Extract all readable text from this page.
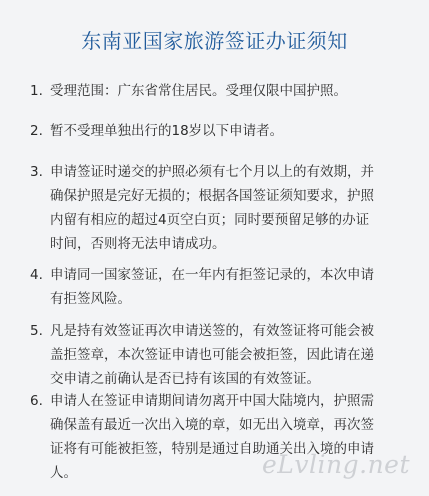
东南亚国家旅游签证办证须知
1. 受理范围：广东省常住居民。受理仅限中国护照。
2. 暂不受理单独出行的18岁以下申请者。
3. 申请签证时递交的护照必须有七个月以上的有效期，并
确保护照是完好无损的；根据各国签证须知要求，护照
内留有相应的超过4页空白页；同时要预留足够的办证
时间，否则将无法申请成功。
4. 申请同一国家签证，在一年内有拒签记录的，本次申请
有拒签风险。
5. 凡是持有效签证再次申请送签的，有效签证将可能会被
盖拒签章，本次签证申请也可能会被拒签，因此请在递
交申请之前确认是否已持有该国的有效签证。
6. 申请人在签证申请期间请勿离开中国大陆境内，护照需
确保盖有最近一次出入境的章，如无出入境章，再次签
证将有可能被拒签，特别是通过自助通关出入境的申请
人。	eLvling.net
